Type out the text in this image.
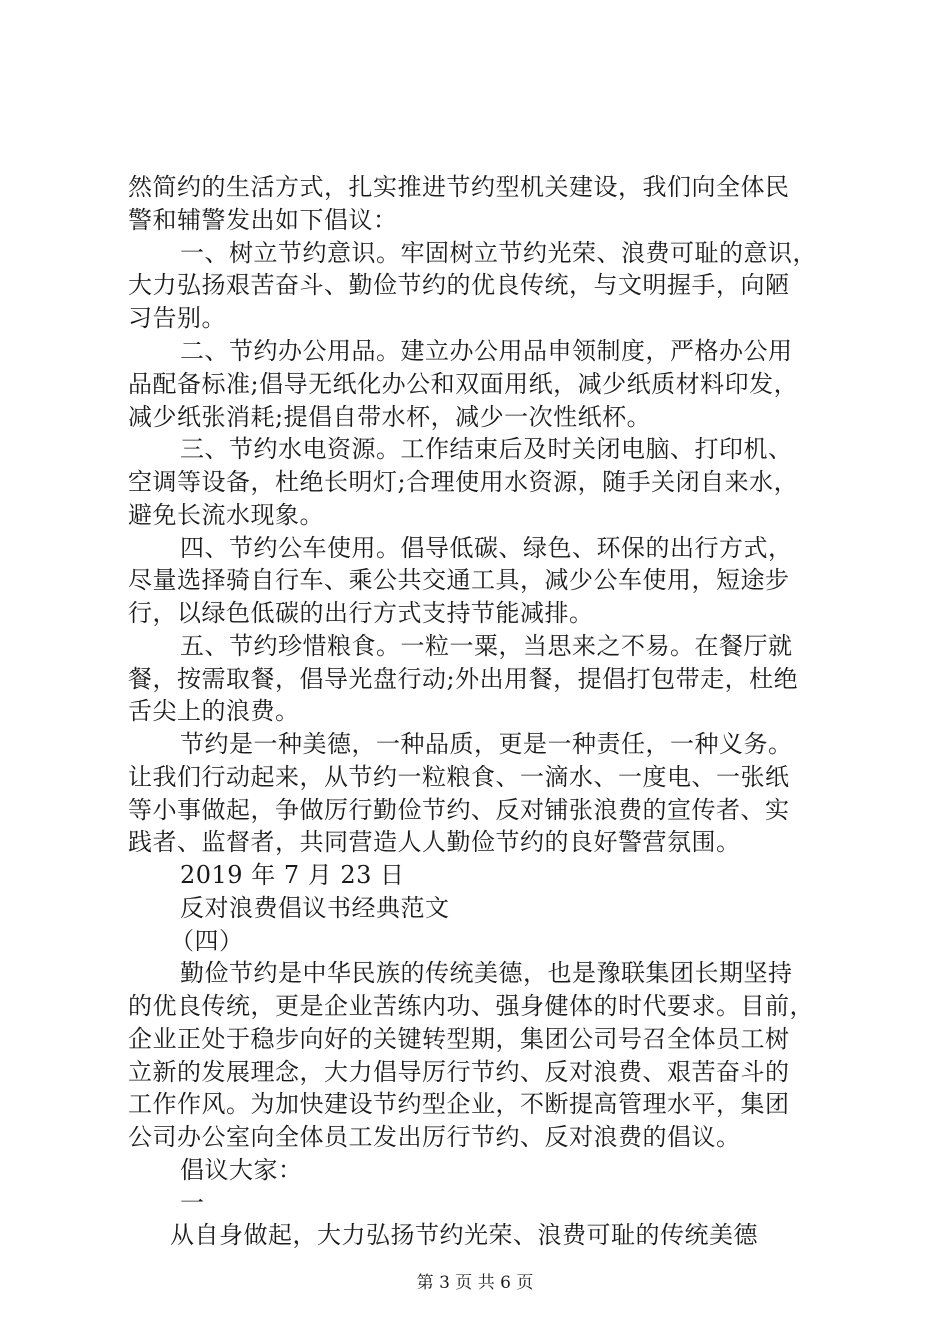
然简约的生活方式，扎实推进节约型机关建设，我们向全体民
警和辅警发出如下倡议：
一、树立节约意识。牢固树立节约光荣、浪费可耻的意识，
大力弘扬艰苦奋斗、勤俭节约的优良传统，与文明握手，向陋
习告别。
二、节约办公用品。建立办公用品申领制度，严格办公用
品配备标准;倡导无纸化办公和双面用纸，减少纸质材料印发，
减少纸张消耗;提倡自带水杯，减少一次性纸杯。
三、节约水电资源。工作结束后及时关闭电脑、打印机、
空调等设备，杜绝长明灯;合理使用水资源，随手关闭自来水，
避免长流水现象。
四、节约公车使用。倡导低碳、绿色、环保的出行方式，
尽量选择骑自行车、乘公共交通工具，减少公车使用，短途步
行，以绿色低碳的出行方式支持节能减排。
五、节约珍惜粮食。一粒一粟，当思来之不易。在餐厅就
餐，按需取餐，倡导光盘行动;外出用餐，提倡打包带走，杜绝
舌尖上的浪费。
节约是一种美德，一种品质，更是一种责任，一种义务。
让我们行动起来，从节约一粒粮食、一滴水、一度电、一张纸
等小事做起，争做厉行勤俭节约、反对铺张浪费的宣传者、实
践者、监督者，共同营造人人勤俭节约的良好警营氛围。
2019 年 7 月 23 日
反对浪费倡议书经典范文
（四）
勤俭节约是中华民族的传统美德，也是豫联集团长期坚持
的优良传统，更是企业苦练内功、强身健体的时代要求。目前，
企业正处于稳步向好的关键转型期，集团公司号召全体员工树
立新的发展理念，大力倡导厉行节约、反对浪费、艰苦奋斗的
工作作风。为加快建设节约型企业，不断提高管理水平，集团
公司办公室向全体员工发出厉行节约、反对浪费的倡议。
倡议大家：
一
从自身做起，大力弘扬节约光荣、浪费可耻的传统美德
第 3 页 共 6 页
